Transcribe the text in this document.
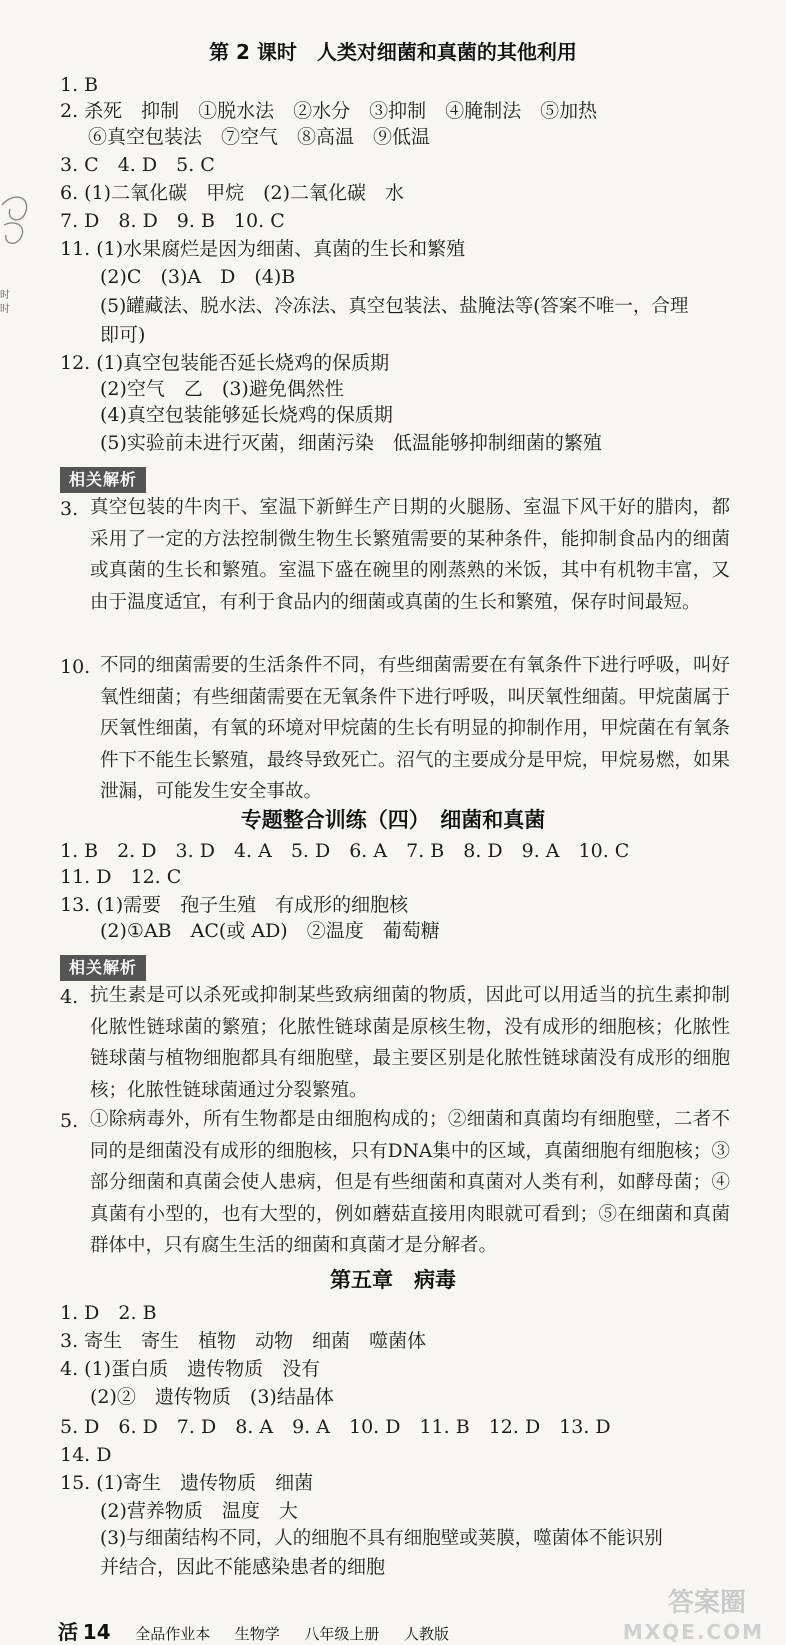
时
时
第 2 课时　人类对细菌和真菌的其他利用
1. B
2. 杀死　抑制　①脱水法　②水分　③抑制　④腌制法　⑤加热
⑥真空包装法　⑦空气　⑧高温　⑨低温
3. C　4. D　5. C
6. (1)二氧化碳　甲烷　(2)二氧化碳　水
7. D　8. D　9. B　10. C
11. (1)水果腐烂是因为细菌、真菌的生长和繁殖
(2)C　(3)A　D　(4)B
(5)罐藏法、脱水法、冷冻法、真空包装法、盐腌法等(答案不唯一，合理
即可)
12. (1)真空包装能否延长烧鸡的保质期
(2)空气　乙　(3)避免偶然性
(4)真空包装能够延长烧鸡的保质期
(5)实验前未进行灭菌，细菌污染　低温能够抑制细菌的繁殖
相关解析
3. 真空包装的牛肉干、室温下新鲜生产日期的火腿肠、室温下风干好的腊肉，都采用了一定的方法控制微生物生长繁殖需要的某种条件，能抑制食品内的细菌或真菌的生长和繁殖。室温下盛在碗里的刚蒸熟的米饭，其中有机物丰富，又由于温度适宜，有利于食品内的细菌或真菌的生长和繁殖，保存时间最短。
10. 不同的细菌需要的生活条件不同，有些细菌需要在有氧条件下进行呼吸，叫好氧性细菌；有些细菌需要在无氧条件下进行呼吸，叫厌氧性细菌。甲烷菌属于厌氧性细菌，有氧的环境对甲烷菌的生长有明显的抑制作用，甲烷菌在有氧条件下不能生长繁殖，最终导致死亡。沼气的主要成分是甲烷，甲烷易燃，如果泄漏，可能发生安全事故。
专题整合训练（四）　细菌和真菌
1. B　2. D　3. D　4. A　5. D　6. A　7. B　8. D　9. A　10. C
11. D　12. C
13. (1)需要　孢子生殖　有成形的细胞核
(2)①AB　AC(或 AD)　②温度　葡萄糖
相关解析
4. 抗生素是可以杀死或抑制某些致病细菌的物质，因此可以用适当的抗生素抑制化脓性链球菌的繁殖；化脓性链球菌是原核生物，没有成形的细胞核；化脓性链球菌与植物细胞都具有细胞壁，最主要区别是化脓性链球菌没有成形的细胞核；化脓性链球菌通过分裂繁殖。
5. ①除病毒外，所有生物都是由细胞构成的；②细菌和真菌均有细胞壁，二者不同的是细菌没有成形的细胞核，只有DNA集中的区域，真菌细胞有细胞核；③部分细菌和真菌会使人患病，但是有些细菌和真菌对人类有利，如酵母菌；④真菌有小型的，也有大型的，例如蘑菇直接用肉眼就可看到；⑤在细菌和真菌群体中，只有腐生生活的细菌和真菌才是分解者。
第五章　病毒
1. D　2. B
3. 寄生　寄生　植物　动物　细菌　噬菌体
4. (1)蛋白质　遗传物质　没有
(2)②　遗传物质　(3)结晶体
5. D　6. D　7. D　8. A　9. A　10. D　11. B　12. D　13. D
14. D
15. (1)寄生　遗传物质　细菌
(2)营养物质　温度　大
(3)与细菌结构不同，人的细胞不具有细胞壁或荚膜，噬菌体不能识别
并结合，因此不能感染患者的细胞
活 14 　 全品作业本 　 生物学 　 八年级上册 　 人教版
答案圈
MXQE.COM
